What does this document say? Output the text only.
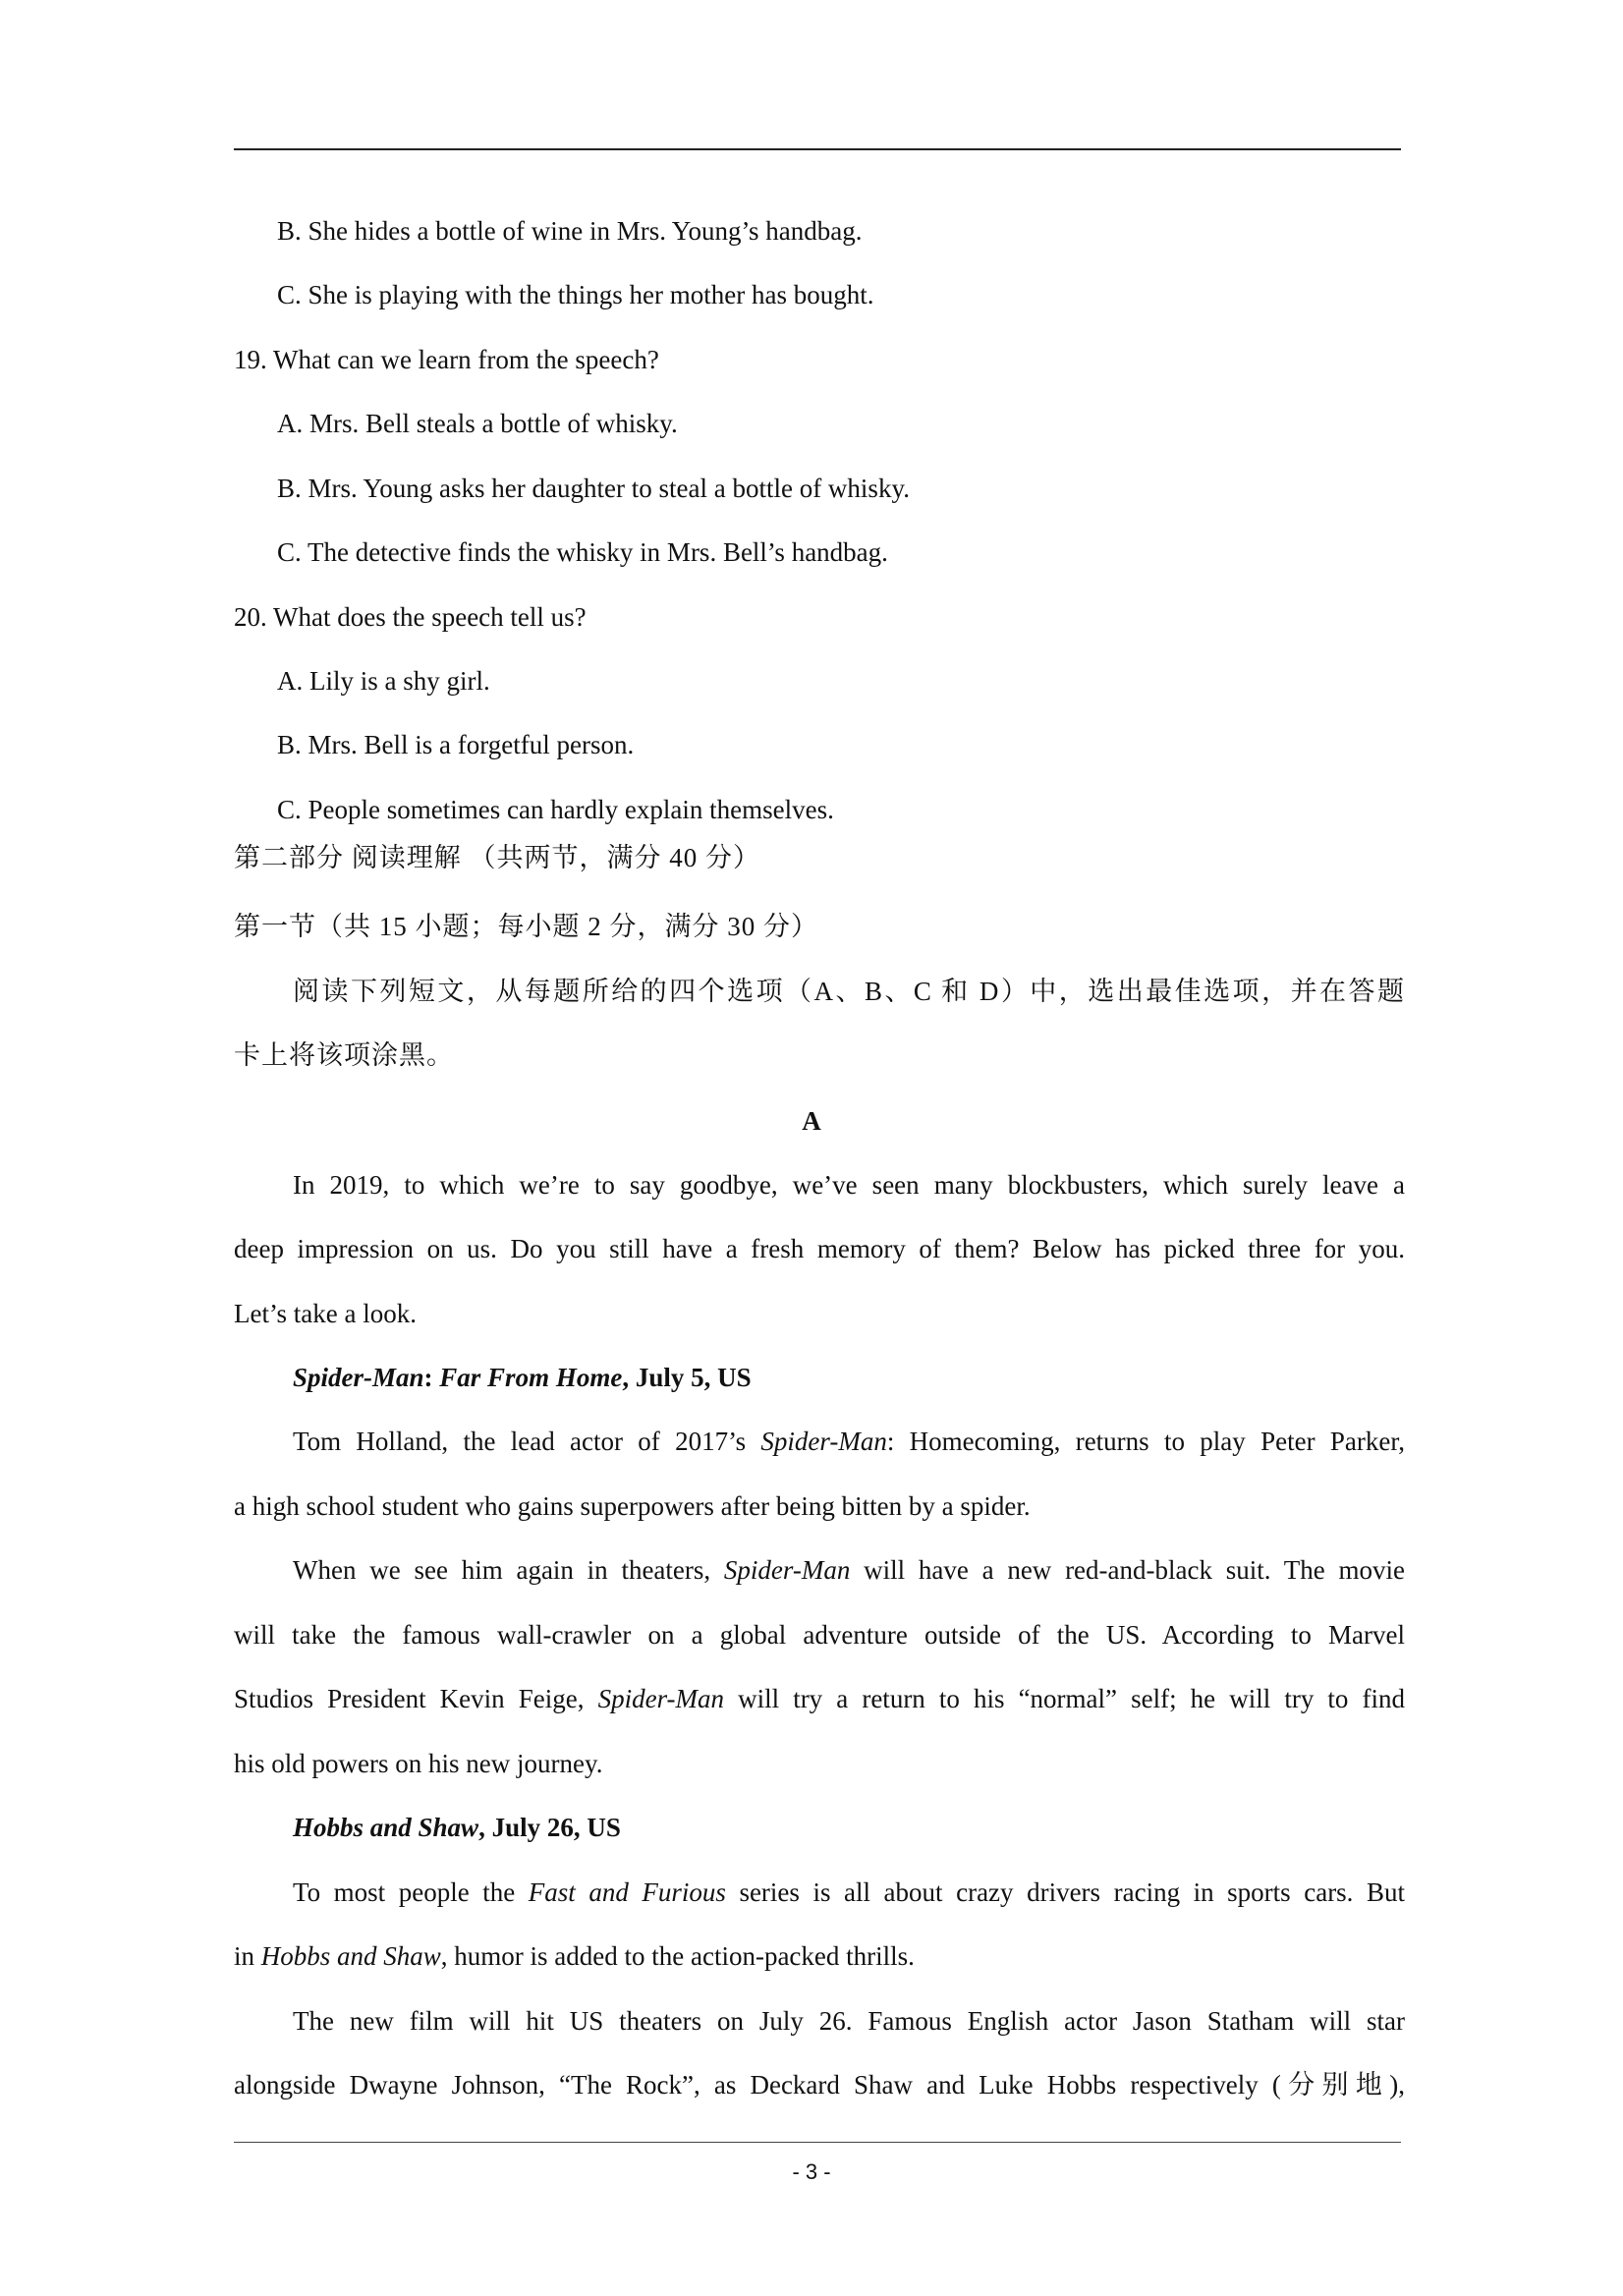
B. She hides a bottle of wine in Mrs. Young’s handbag.
C. She is playing with the things her mother has bought.
19. What can we learn from the speech?
A. Mrs. Bell steals a bottle of whisky.
B. Mrs. Young asks her daughter to steal a bottle of whisky.
C. The detective finds the whisky in Mrs. Bell’s handbag.
20. What does the speech tell us?
A. Lily is a shy girl.
B. Mrs. Bell is a forgetful person.
C. People sometimes can hardly explain themselves.
第二部分 阅读理解 （共两节，满分 40 分）
第一节（共 15 小题；每小题 2 分，满分 30 分）
阅读下列短文，从每题所给的四个选项（A、B、C 和 D）中，选出最佳选项，并在答题
卡上将该项涂黑。
A
In 2019, to which we’re to say goodbye, we’ve seen many blockbusters, which surely leave a
deep impression on us. Do you still have a fresh memory of them? Below has picked three for you.
Let’s take a look.
Spider-Man: Far From Home, July 5, US
Tom Holland, the lead actor of 2017’s Spider-Man: Homecoming, returns to play Peter Parker,
a high school student who gains superpowers after being bitten by a spider.
When we see him again in theaters, Spider-Man will have a new red-and-black suit. The movie
will take the famous wall-crawler on a global adventure outside of the US. According to Marvel
Studios President Kevin Feige, Spider-Man will try a return to his “normal” self; he will try to find
his old powers on his new journey.
Hobbs and Shaw, July 26, US
To most people the Fast and Furious series is all about crazy drivers racing in sports cars. But
in Hobbs and Shaw, humor is added to the action-packed thrills.
The new film will hit US theaters on July 26. Famous English actor Jason Statham will star
alongside Dwayne Johnson, “The Rock”, as Deckard Shaw and Luke Hobbs respectively (分别地),
- 3 -
